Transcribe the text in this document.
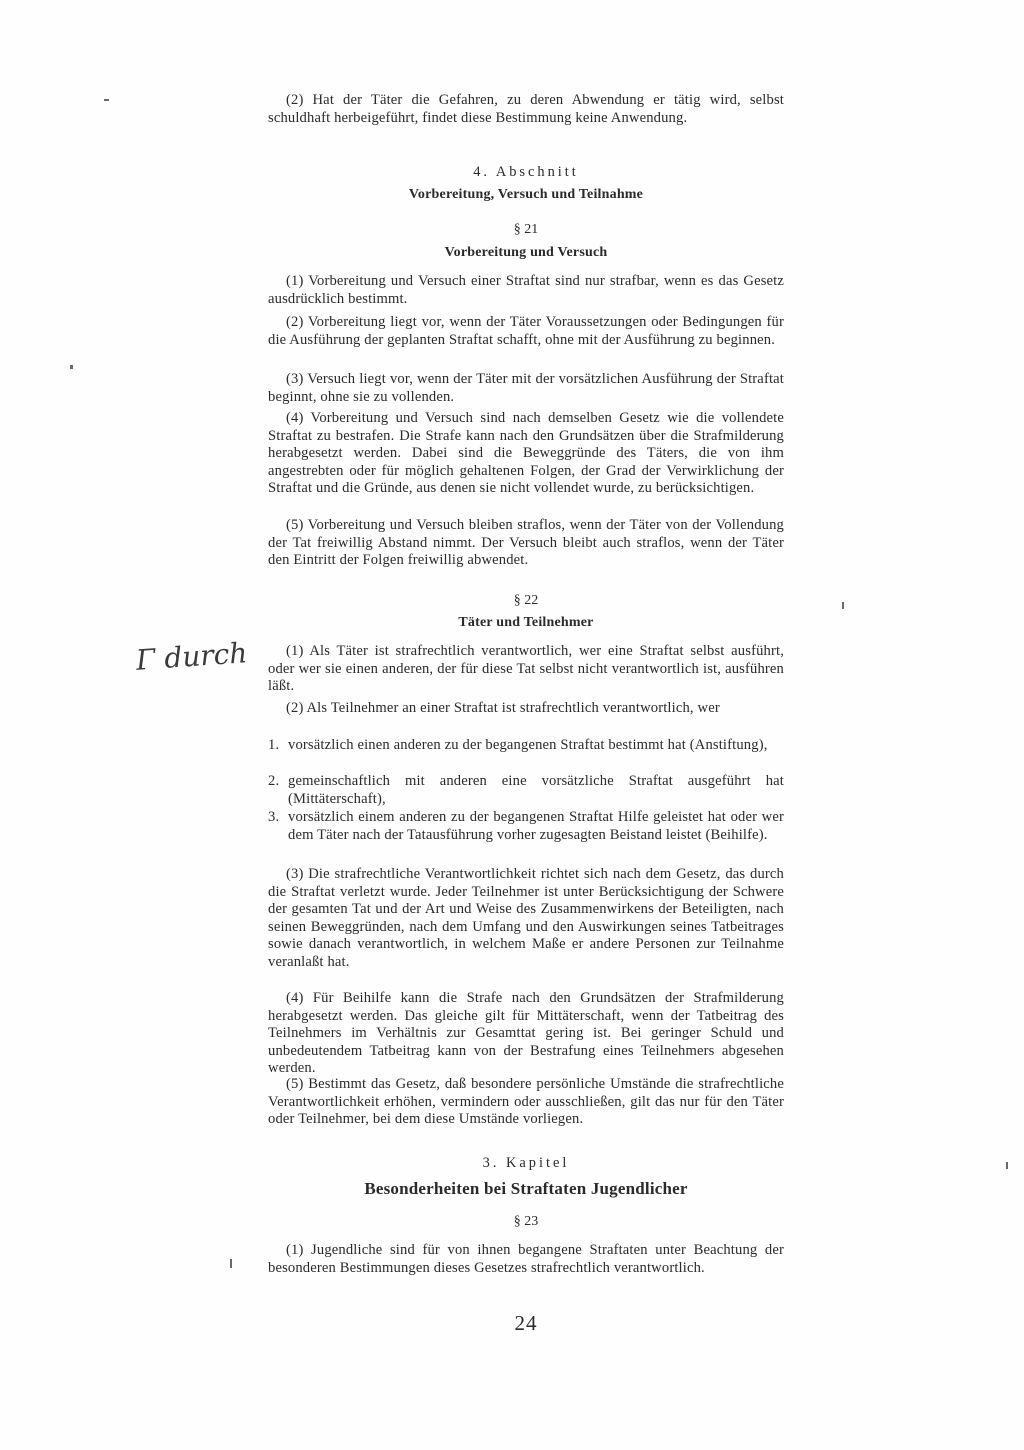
Γ durch

(2) Hat der Täter die Gefahren, zu deren Abwendung er tätig wird, selbst schuldhaft herbeigeführt, findet diese Bestimmung keine Anwendung.

4. Abschnitt
Vorbereitung, Versuch und Teilnahme
§ 21
Vorbereitung und Versuch

(1) Vorbereitung und Versuch einer Straftat sind nur strafbar, wenn es das Gesetz ausdrücklich bestimmt.

(2) Vorbereitung liegt vor, wenn der Täter Voraussetzungen oder Bedingungen für die Ausführung der geplanten Straftat schafft, ohne mit der Ausführung zu beginnen.

(3) Versuch liegt vor, wenn der Täter mit der vorsätzlichen Ausführung der Straftat beginnt, ohne sie zu vollenden.

(4) Vorbereitung und Versuch sind nach demselben Gesetz wie die vollendete Straftat zu bestrafen. Die Strafe kann nach den Grundsätzen über die Strafmilderung herabgesetzt werden. Dabei sind die Beweggründe des Täters, die von ihm angestrebten oder für möglich gehaltenen Folgen, der Grad der Verwirklichung der Straftat und die Gründe, aus denen sie nicht vollendet wurde, zu berücksichtigen.

(5) Vorbereitung und Versuch bleiben straflos, wenn der Täter von der Vollendung der Tat freiwillig Abstand nimmt. Der Versuch bleibt auch straflos, wenn der Täter den Eintritt der Folgen freiwillig abwendet.

§ 22
Täter und Teilnehmer

(1) Als Täter ist strafrechtlich verantwortlich, wer eine Straftat selbst ausführt, oder wer sie einen anderen, der für diese Tat selbst nicht verantwortlich ist, ausführen läßt.

(2) Als Teilnehmer an einer Straftat ist strafrechtlich verantwortlich, wer

1. vorsätzlich einen anderen zu der begangenen Straftat bestimmt hat (Anstiftung),
2. gemeinschaftlich mit anderen eine vorsätzliche Straftat ausgeführt hat (Mittäterschaft),
3. vorsätzlich einem anderen zu der begangenen Straftat Hilfe geleistet hat oder wer dem Täter nach der Tatausführung vorher zugesagten Beistand leistet (Beihilfe).

(3) Die strafrechtliche Verantwortlichkeit richtet sich nach dem Gesetz, das durch die Straftat verletzt wurde. Jeder Teilnehmer ist unter Berücksichtigung der Schwere der gesamten Tat und der Art und Weise des Zusammenwirkens der Beteiligten, nach seinen Beweggründen, nach dem Umfang und den Auswirkungen seines Tatbeitrages sowie danach verantwortlich, in welchem Maße er andere Personen zur Teilnahme veranlaßt hat.

(4) Für Beihilfe kann die Strafe nach den Grundsätzen der Strafmilderung herabgesetzt werden. Das gleiche gilt für Mittäterschaft, wenn der Tatbeitrag des Teilnehmers im Verhältnis zur Gesamttat gering ist. Bei geringer Schuld und unbedeutendem Tatbeitrag kann von der Bestrafung eines Teilnehmers abgesehen werden.

(5) Bestimmt das Gesetz, daß besondere persönliche Umstände die strafrechtliche Verantwortlichkeit erhöhen, vermindern oder ausschließen, gilt das nur für den Täter oder Teilnehmer, bei dem diese Umstände vorliegen.

3. Kapitel
Besonderheiten bei Straftaten Jugendlicher
§ 23

(1) Jugendliche sind für von ihnen begangene Straftaten unter Beachtung der besonderen Bestimmungen dieses Gesetzes strafrechtlich verantwortlich.

24
